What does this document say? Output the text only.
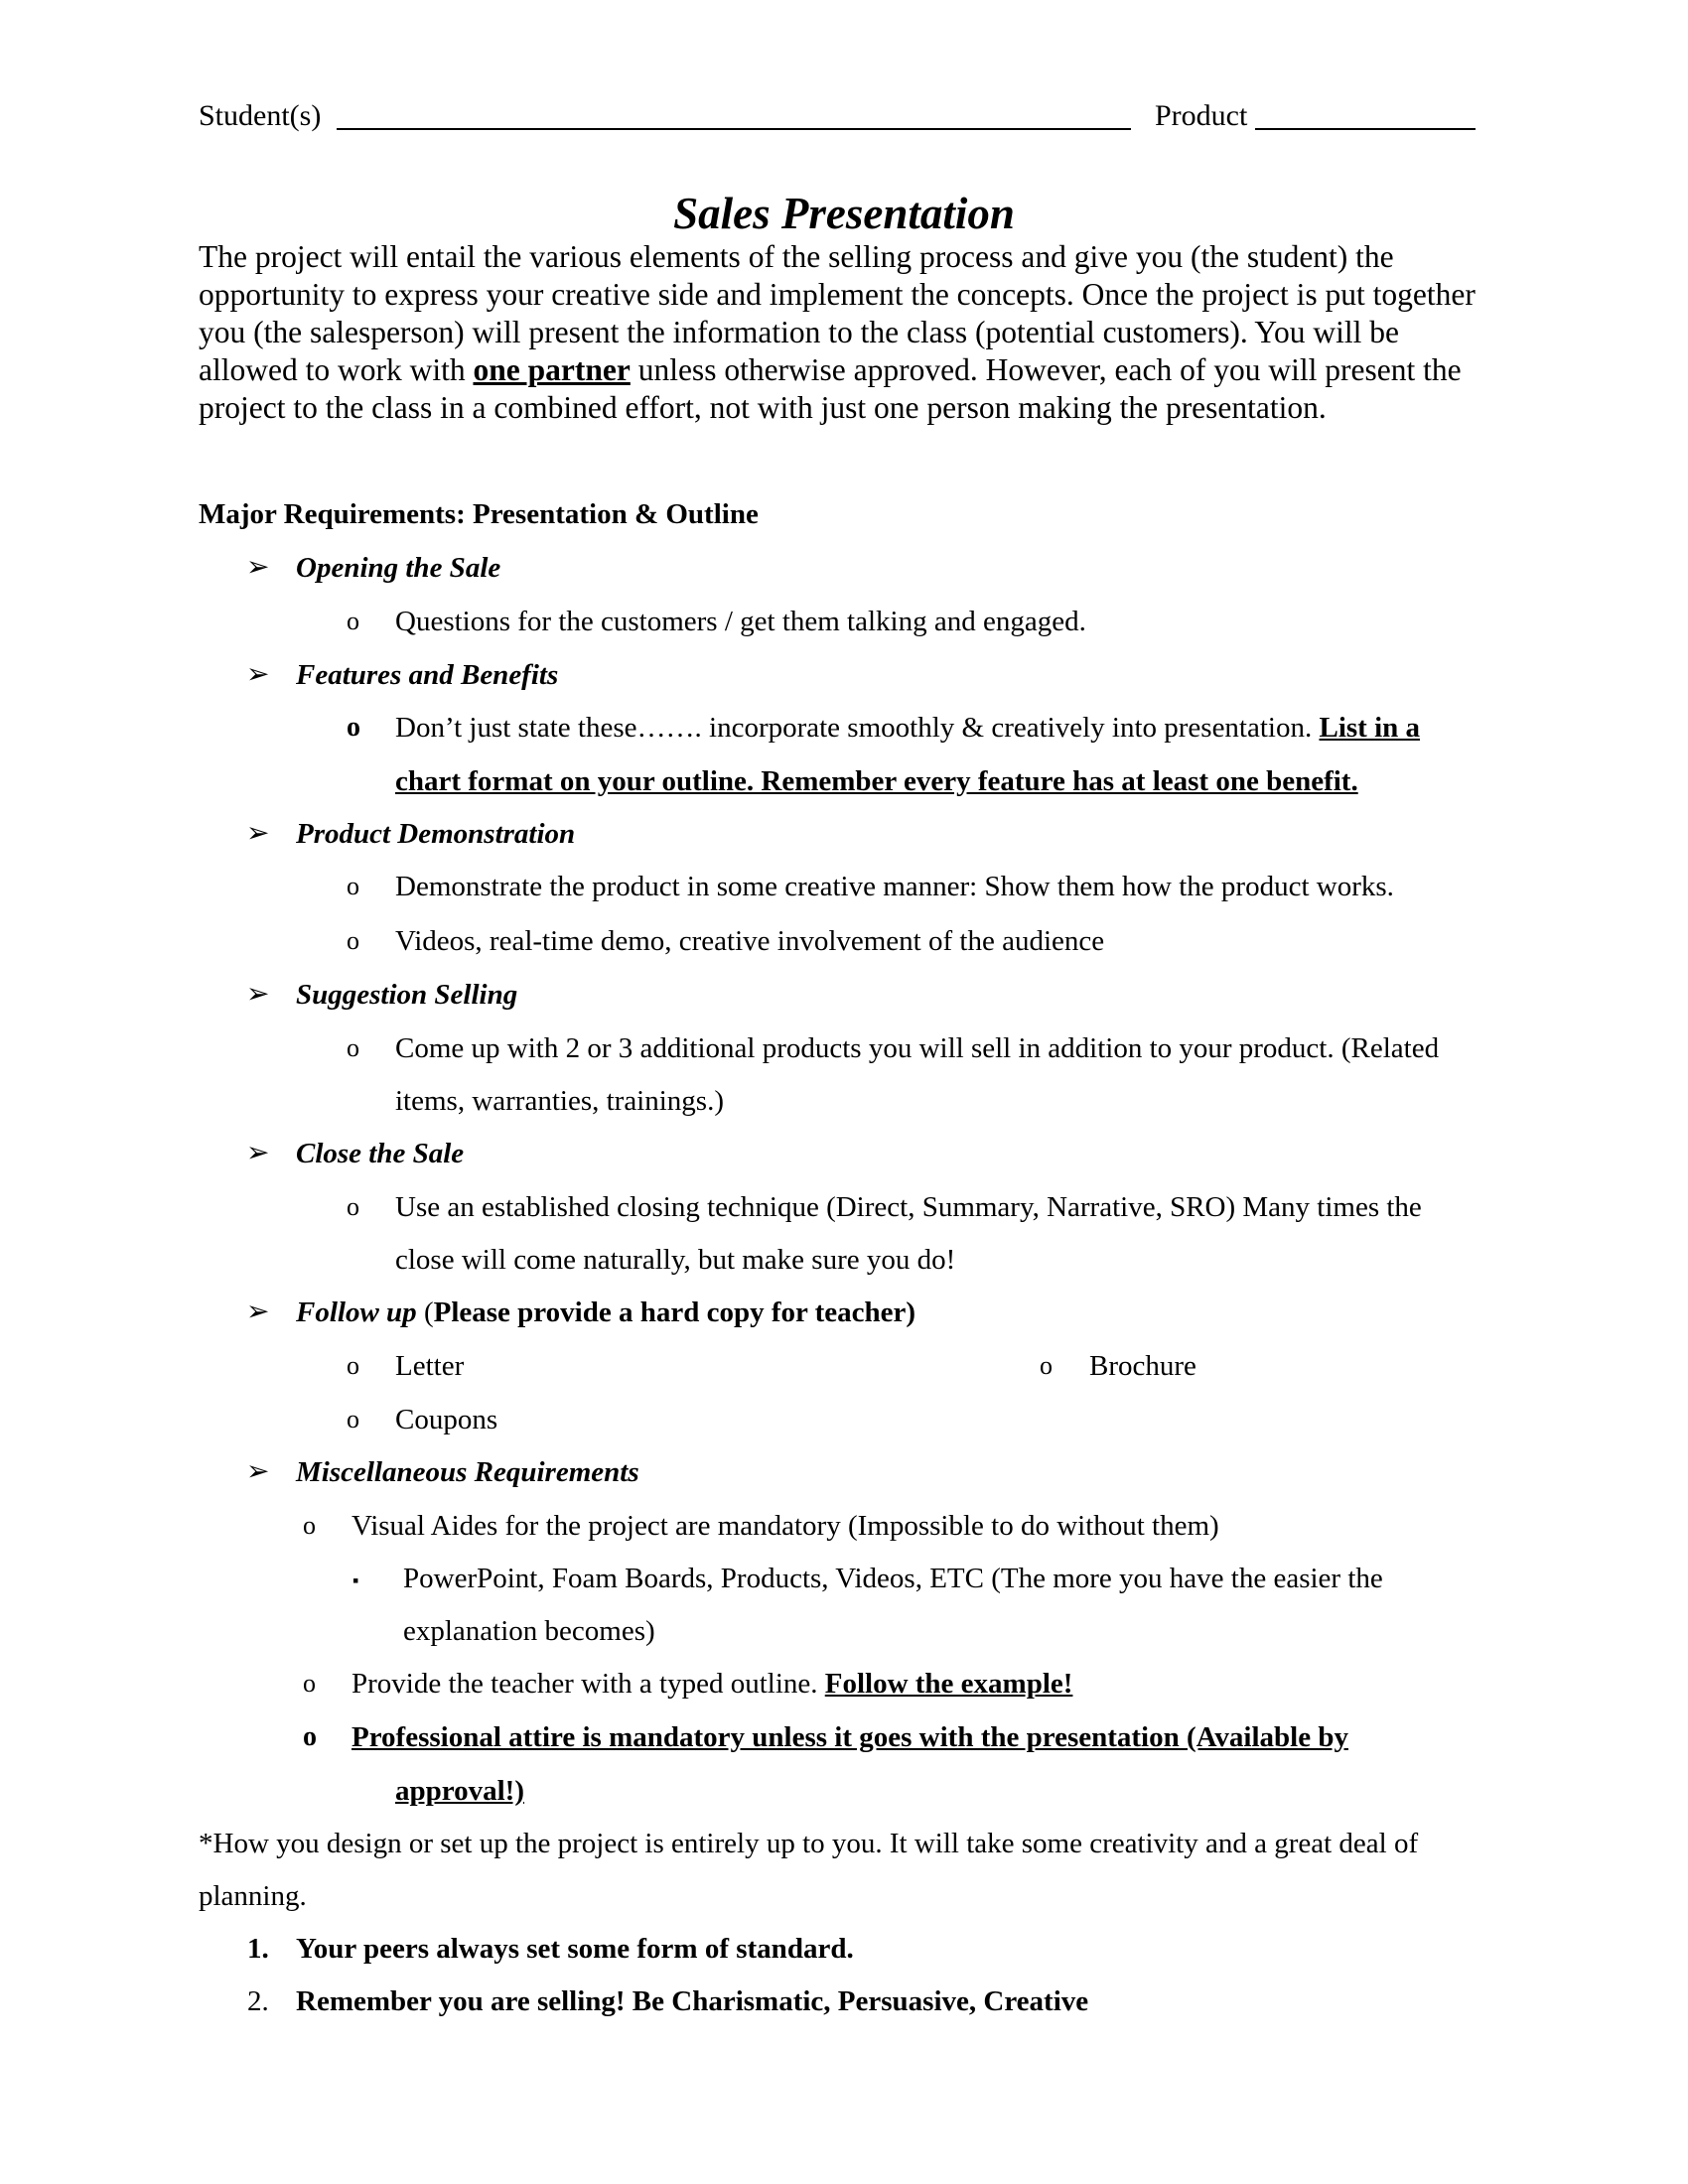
Student(s)	Product
Sales Presentation
The project will entail the various elements of the selling process and give you (the student) the opportunity to express your creative side and implement the concepts. Once the project is put together you (the salesperson) will present the information to the class (potential customers). You will be allowed to work with one partner unless otherwise approved. However, each of you will present the project to the class in a combined effort, not with just one person making the presentation.
Major Requirements: Presentation & Outline
➢ Opening the Sale
o Questions for the customers / get them talking and engaged.
➢ Features and Benefits
o Don’t just state these……. incorporate smoothly & creatively into presentation. List in a
chart format on your outline. Remember every feature has at least one benefit.
➢ Product Demonstration
o Demonstrate the product in some creative manner: Show them how the product works.
o Videos, real-time demo, creative involvement of the audience
➢ Suggestion Selling
o Come up with 2 or 3 additional products you will sell in addition to your product. (Related
items, warranties, trainings.)
➢ Close the Sale
o Use an established closing technique (Direct, Summary, Narrative, SRO) Many times the
close will come naturally, but make sure you do!
➢ Follow up (Please provide a hard copy for teacher)
o Letter	o Brochure
o Coupons
➢ Miscellaneous Requirements
o Visual Aides for the project are mandatory (Impossible to do without them)
▪ PowerPoint, Foam Boards, Products, Videos, ETC (The more you have the easier the
explanation becomes)
o Provide the teacher with a typed outline. Follow the example!
o Professional attire is mandatory unless it goes with the presentation (Available by
approval!)
*How you design or set up the project is entirely up to you. It will take some creativity and a great deal of
planning.
1. Your peers always set some form of standard.
2. Remember you are selling! Be Charismatic, Persuasive, Creative
